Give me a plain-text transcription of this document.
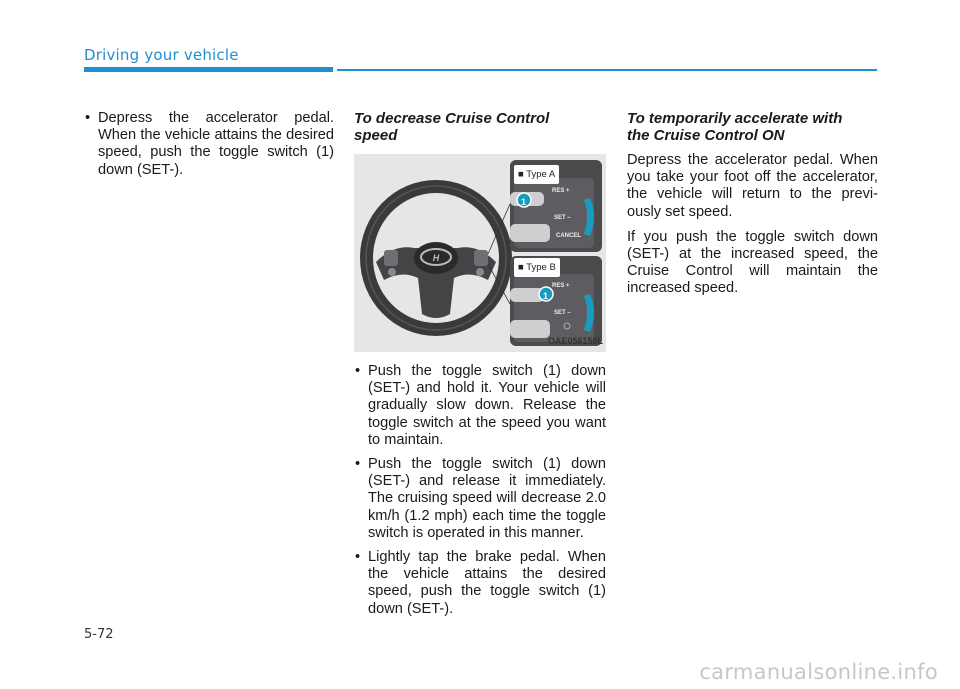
Driving your vehicle

• Depress the accelerator pedal. When the vehicle attains the desired speed, push the toggle switch (1) down (SET-).

To decrease Cruise Control
speed
H
■ Type A
■ Type B
RES +
SET –
CANCEL
RES +
SET –
1
1
OAE056155L

• Push the toggle switch (1) down (SET-) and hold it. Your vehicle will gradually slow down. Release the toggle switch at the speed you want to maintain.

• Push the toggle switch (1) down (SET-) and release it immediately. The cruising speed will decrease 2.0 km/h (1.2 mph) each time the toggle switch is operated in this manner.

• Lightly tap the brake pedal. When the vehicle attains the desired speed, push the toggle switch (1) down (SET-).

To temporarily accelerate with
the Cruise Control ON

Depress the accelerator pedal. When you take your foot off the accelerator, the vehicle will return to the previ-ously set speed.

If you push the toggle switch down (SET-) at the increased speed, the Cruise Control will maintain the increased speed.

5-72
carmanualsonline.info
